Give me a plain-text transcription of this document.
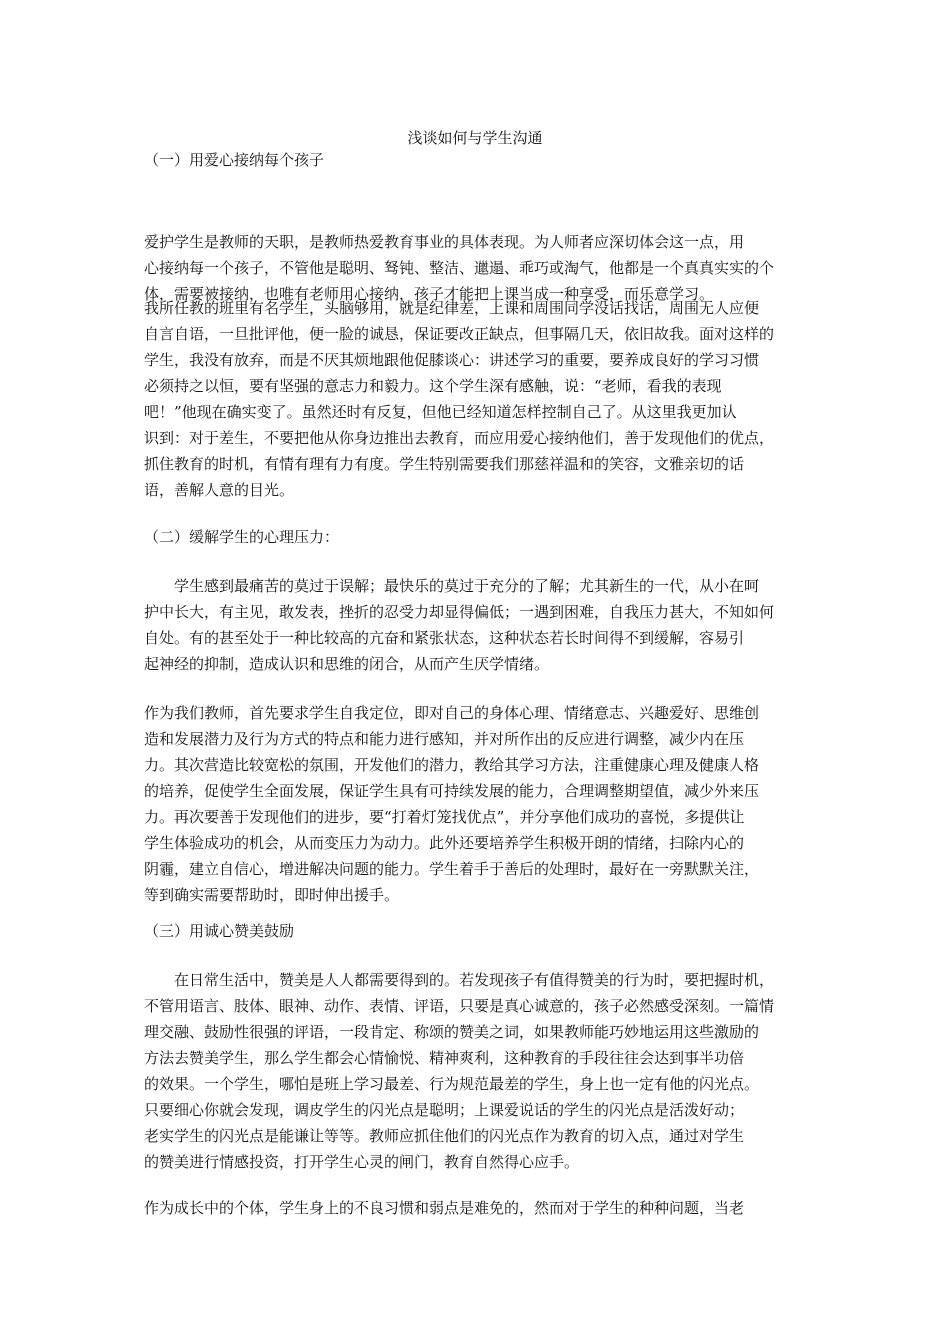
浅谈如何与学生沟通
（一）用爱心接纳每个孩子
爱护学生是教师的天职，是教师热爱教育事业的具体表现。为人师者应深切体会这一点，用
心接纳每一个孩子，不管他是聪明、驽钝、整洁、邋遢、乖巧或淘气，他都是一个真真实实的个
体，需要被接纳，也唯有老师用心接纳，孩子才能把上课当成一种享受，而乐意学习。
我所任教的班里有名学生，头脑够用，就是纪律差，上课和周围同学没话找话，周围无人应便
自言自语，一旦批评他，便一脸的诚恳，保证要改正缺点，但事隔几天，依旧故我。面对这样的
学生，我没有放弃，而是不厌其烦地跟他促膝谈心：讲述学习的重要，要养成良好的学习习惯
必须持之以恒，要有坚强的意志力和毅力。这个学生深有感触，说：“老师，看我的表现
吧！”他现在确实变了。虽然还时有反复，但他已经知道怎样控制自己了。从这里我更加认
识到：对于差生，不要把他从你身边推出去教育，而应用爱心接纳他们，善于发现他们的优点，
抓住教育的时机，有情有理有力有度。学生特别需要我们那慈祥温和的笑容，文雅亲切的话
语，善解人意的目光。
（二）缓解学生的心理压力：
学生感到最痛苦的莫过于误解；最快乐的莫过于充分的了解；尤其新生的一代，从小在呵
护中长大，有主见，敢发表，挫折的忍受力却显得偏低；一遇到困难，自我压力甚大，不知如何
自处。有的甚至处于一种比较高的亢奋和紧张状态，这种状态若长时间得不到缓解，容易引
起神经的抑制，造成认识和思维的闭合，从而产生厌学情绪。
作为我们教师，首先要求学生自我定位，即对自己的身体心理、情绪意志、兴趣爱好、思维创
造和发展潜力及行为方式的特点和能力进行感知，并对所作出的反应进行调整，减少内在压
力。其次营造比较宽松的氛围，开发他们的潜力，教给其学习方法，注重健康心理及健康人格
的培养，促使学生全面发展，保证学生具有可持续发展的能力，合理调整期望值，减少外来压
力。再次要善于发现他们的进步，要“打着灯笼找优点”，并分享他们成功的喜悦，多提供让
学生体验成功的机会，从而变压力为动力。此外还要培养学生积极开朗的情绪，扫除内心的
阴霾，建立自信心，增进解决问题的能力。学生着手于善后的处理时，最好在一旁默默关注，
等到确实需要帮助时，即时伸出援手。
（三）用诚心赞美鼓励
在日常生活中，赞美是人人都需要得到的。若发现孩子有值得赞美的行为时，要把握时机，
不管用语言、肢体、眼神、动作、表情、评语，只要是真心诚意的，孩子必然感受深刻。一篇情
理交融、鼓励性很强的评语，一段肯定、称颂的赞美之词，如果教师能巧妙地运用这些激励的
方法去赞美学生，那么学生都会心情愉悦、精神爽利，这种教育的手段往往会达到事半功倍
的效果。一个学生，哪怕是班上学习最差、行为规范最差的学生，身上也一定有他的闪光点。
只要细心你就会发现，调皮学生的闪光点是聪明；上课爱说话的学生的闪光点是活泼好动；
老实学生的闪光点是能谦让等等。教师应抓住他们的闪光点作为教育的切入点，通过对学生
的赞美进行情感投资，打开学生心灵的闸门，教育自然得心应手。
作为成长中的个体，学生身上的不良习惯和弱点是难免的，然而对于学生的种种问题，当老
